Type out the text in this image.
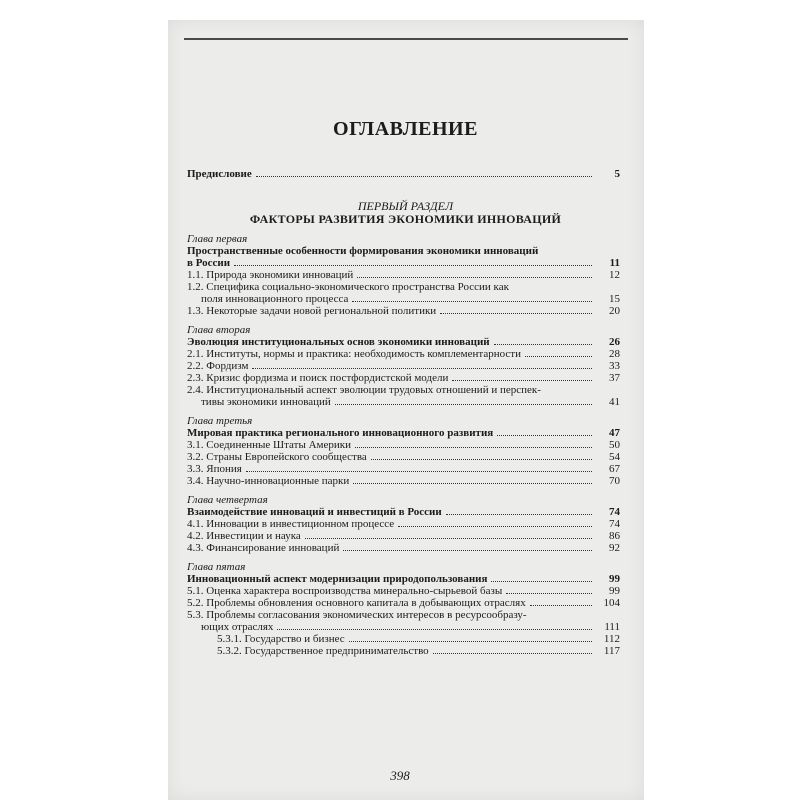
ОГЛАВЛЕНИЕ
Предисловие	5
ПЕРВЫЙ РАЗДЕЛ
ФАКТОРЫ РАЗВИТИЯ ЭКОНОМИКИ ИННОВАЦИЙ
Глава первая
Пространственные особенности формирования экономики инноваций
в России	11
1.1. Природа экономики инноваций	12
1.2. Специфика социально-экономического пространства России как
поля инновационного процесса	15
1.3. Некоторые задачи новой региональной политики	20
Глава вторая
Эволюция институциональных основ экономики инноваций	26
2.1. Институты, нормы и практика: необходимость комплементарности	28
2.2. Фордизм	33
2.3. Кризис фордизма и поиск постфордистской модели	37
2.4. Институциональный аспект эволюции трудовых отношений и перспек-
тивы экономики инноваций	41
Глава третья
Мировая практика регионального инновационного развития	47
3.1. Соединенные Штаты Америки	50
3.2. Страны Европейского сообщества	54
3.3. Япония	67
3.4. Научно-инновационные парки	70
Глава четвертая
Взаимодействие инноваций и инвестиций в России	74
4.1. Инновации в инвестиционном процессе	74
4.2. Инвестиции и наука	86
4.3. Финансирование инноваций	92
Глава пятая
Инновационный аспект модернизации природопользования	99
5.1. Оценка характера воспроизводства минерально-сырьевой базы	99
5.2. Проблемы обновления основного капитала в добывающих отраслях	104
5.3. Проблемы согласования экономических интересов в ресурсообразу-
ющих отраслях	111
5.3.1. Государство и бизнес	112
5.3.2. Государственное предпринимательство	117
398
